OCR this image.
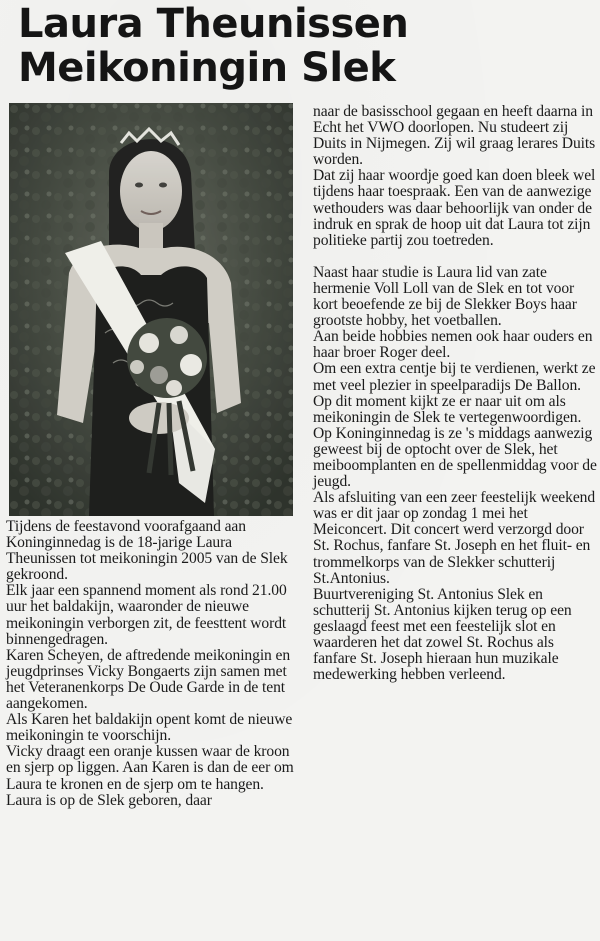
Laura Theunissen
Meikoningin Slek

Tijdens de feestavond voorafgaand aan Koninginnedag is de 18-jarige Laura Theunissen tot meikoningin 2005 van de Slek gekroond.

Elk jaar een spannend moment als rond 21.00 uur het baldakijn, waaronder de nieuwe meikoningin verborgen zit, de feesttent wordt binnengedragen.

Karen Scheyen, de aftredende meikoningin en jeugdprinses Vicky Bongaerts zijn samen met het Veteranenkorps De Oude Garde in de tent aangekomen.

Als Karen het baldakijn opent komt de nieuwe meikoningin te voorschijn.

Vicky draagt een oranje kussen waar de kroon en sjerp op liggen. Aan Karen is dan de eer om Laura te kronen en de sjerp om te hangen.

Laura is op de Slek geboren, daar

naar de basisschool gegaan en heeft daarna in Echt het VWO doorlopen. Nu studeert zij Duits in Nijmegen. Zij wil graag lerares Duits worden.

Dat zij haar woordje goed kan doen bleek wel tijdens haar toespraak. Een van de aanwezige wethouders was daar behoorlijk van onder de indruk en sprak de hoop uit dat Laura tot zijn politieke partij zou toetreden.

Naast haar studie is Laura lid van zate hermenie Voll Loll van de Slek en tot voor kort beoefende ze bij de Slekker Boys haar grootste hobby, het voetballen.

Aan beide hobbies nemen ook haar ouders en haar broer Roger deel.

Om een extra centje bij te verdienen, werkt ze met veel plezier in speelparadijs De Ballon.

Op dit moment kijkt ze er naar uit om als meikoningin de Slek te vertegenwoordigen.

Op Koninginnedag is ze 's middags aanwezig geweest bij de optocht over de Slek, het meiboomplanten en de spellenmiddag voor de jeugd.

Als afsluiting van een zeer feestelijk weekend was er dit jaar op zondag 1 mei het Meiconcert. Dit concert werd verzorgd door St. Rochus, fanfare St. Joseph en het fluit- en trommelkorps van de Slekker schutterij St.Antonius.

Buurtvereniging St. Antonius Slek en schutterij St. Antonius kijken terug op een geslaagd feest met een feestelijk slot en waarderen het dat zowel St. Rochus als fanfare St. Joseph hieraan hun muzikale medewerking hebben verleend.
